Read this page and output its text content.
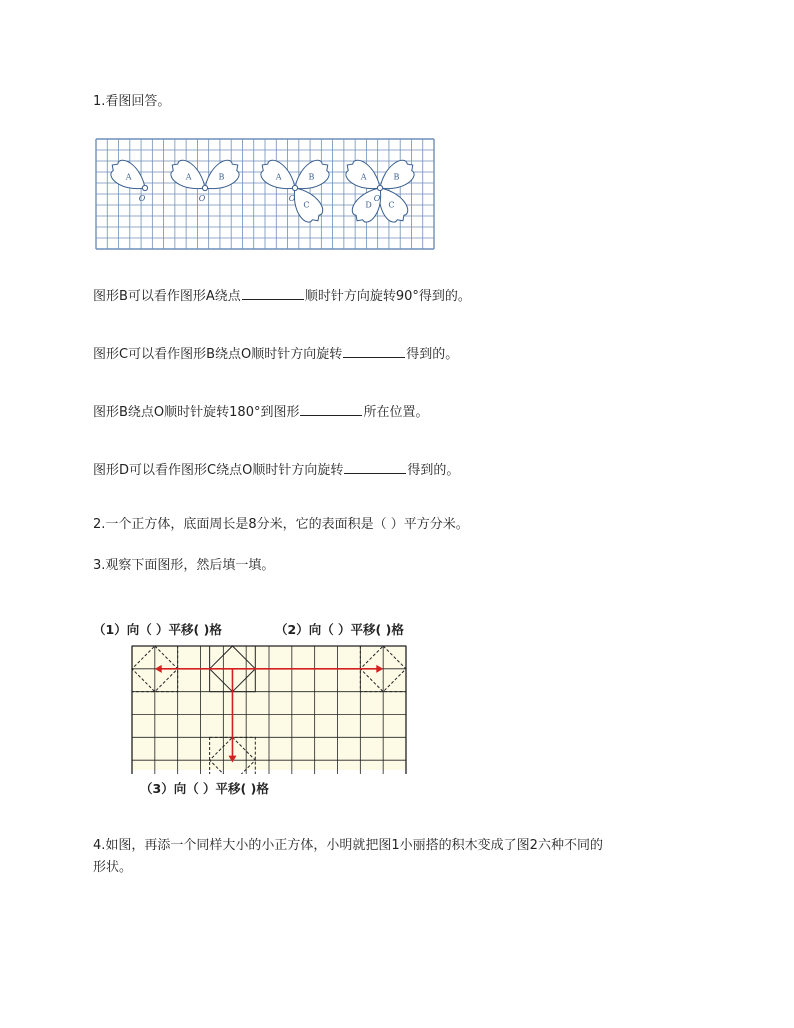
1.看图回答。
A
O
A	B
O
A	B
C
O
A	B
C
D
O
图形B可以看作图形A绕点	顺时针方向旋转90°得到的。
图形C可以看作图形B绕点O顺时针方向旋转	得到的。
图形B绕点O顺时针旋转180°到图形	所在位置。
图形D可以看作图形C绕点O顺时针方向旋转	得到的。
2.一个正方体，底面周长是8分米，它的表面积是（ ）平方分米。
3.观察下面图形，然后填一填。
（1）向（ ）平移( )格	（2）向（ ）平移( )格
（3）向（ ）平移( )格
4.如图，再添一个同样大小的小正方体，小明就把图1小丽搭的积木变成了图2六种不同的
形状。
